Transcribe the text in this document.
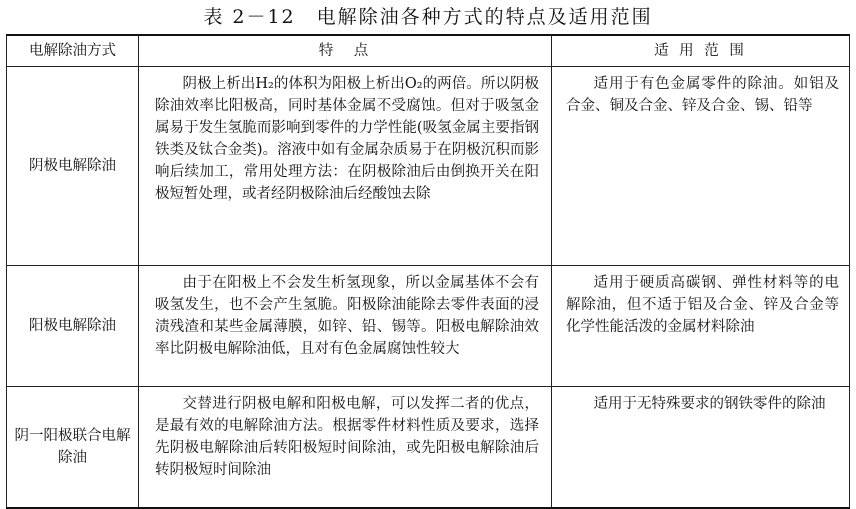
表 2－12　电解除油各种方式的特点及适用范围
电解除油方式	特　点	适 用 范 围
阴极电解除油	阴极上析出H₂的体积为阳极上析出O₂的两倍。所以阴极除油效率比阳极高，同时基体金属不受腐蚀。但对于吸氢金属易于发生氢脆而影响到零件的力学性能(吸氢金属主要指钢铁类及钛合金类)。溶液中如有金属杂质易于在阴极沉积而影响后续加工，常用处理方法：在阴极除油后由倒换开关在阳极短暂处理，或者经阴极除油后经酸蚀去除	适用于有色金属零件的除油。如铝及合金、铜及合金、锌及合金、锡、铅等
阳极电解除油	由于在阳极上不会发生析氢现象，所以金属基体不会有吸氢发生，也不会产生氢脆。阳极除油能除去零件表面的浸渍残渣和某些金属薄膜，如锌、铅、锡等。阳极电解除油效率比阴极电解除油低，且对有色金属腐蚀性较大	适用于硬质高碳钢、弹性材料等的电解除油，但不适于铝及合金、锌及合金等化学性能活泼的金属材料除油
阴一阳极联合电解除油	交替进行阴极电解和阳极电解，可以发挥二者的优点，是最有效的电解除油方法。根据零件材料性质及要求，选择先阴极电解除油后转阳极短时间除油，或先阳极电解除油后转阴极短时间除油	适用于无特殊要求的钢铁零件的除油
